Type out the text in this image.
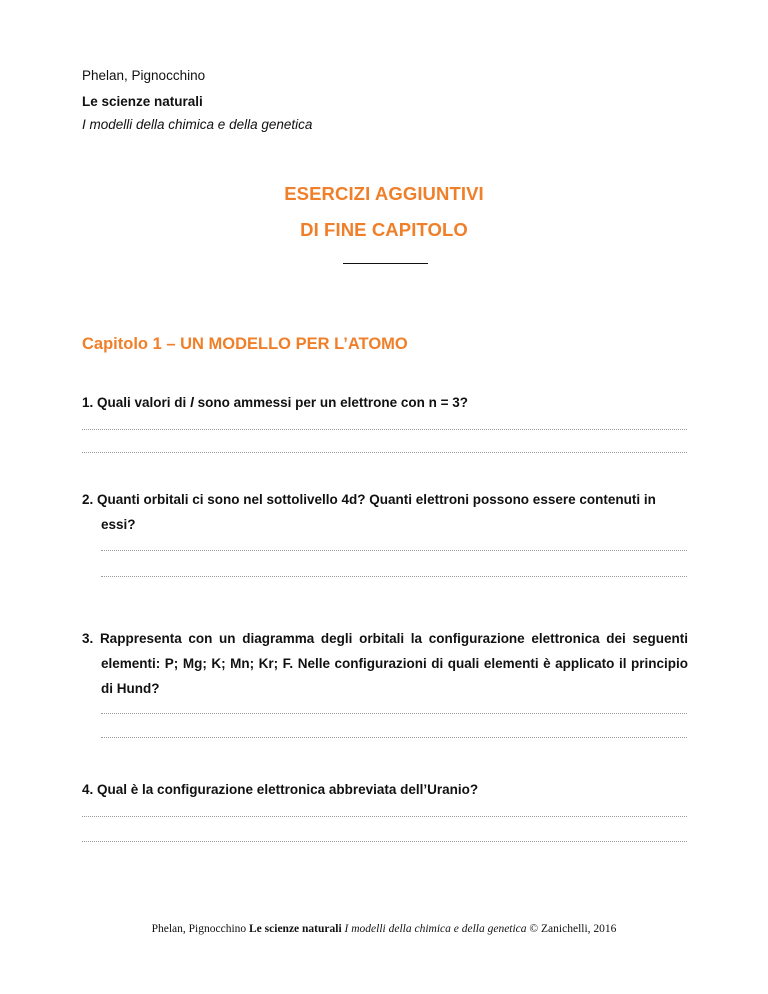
Phelan, Pignocchino
Le scienze naturali
I modelli della chimica e della genetica
ESERCIZI AGGIUNTIVI
DI FINE CAPITOLO
Capitolo 1 – UN MODELLO PER L’ATOMO
1. Quali valori di l sono ammessi per un elettrone con n = 3?
2. Quanti orbitali ci sono nel sottolivello 4d? Quanti elettroni possono essere contenuti in essi?
3. Rappresenta con un diagramma degli orbitali la configurazione elettronica dei seguenti elementi: P; Mg; K; Mn; Kr; F. Nelle configurazioni di quali elementi è applicato il principio di Hund?
4. Qual è la configurazione elettronica abbreviata dell’Uranio?
Phelan, Pignocchino Le scienze naturali I modelli della chimica e della genetica © Zanichelli, 2016
